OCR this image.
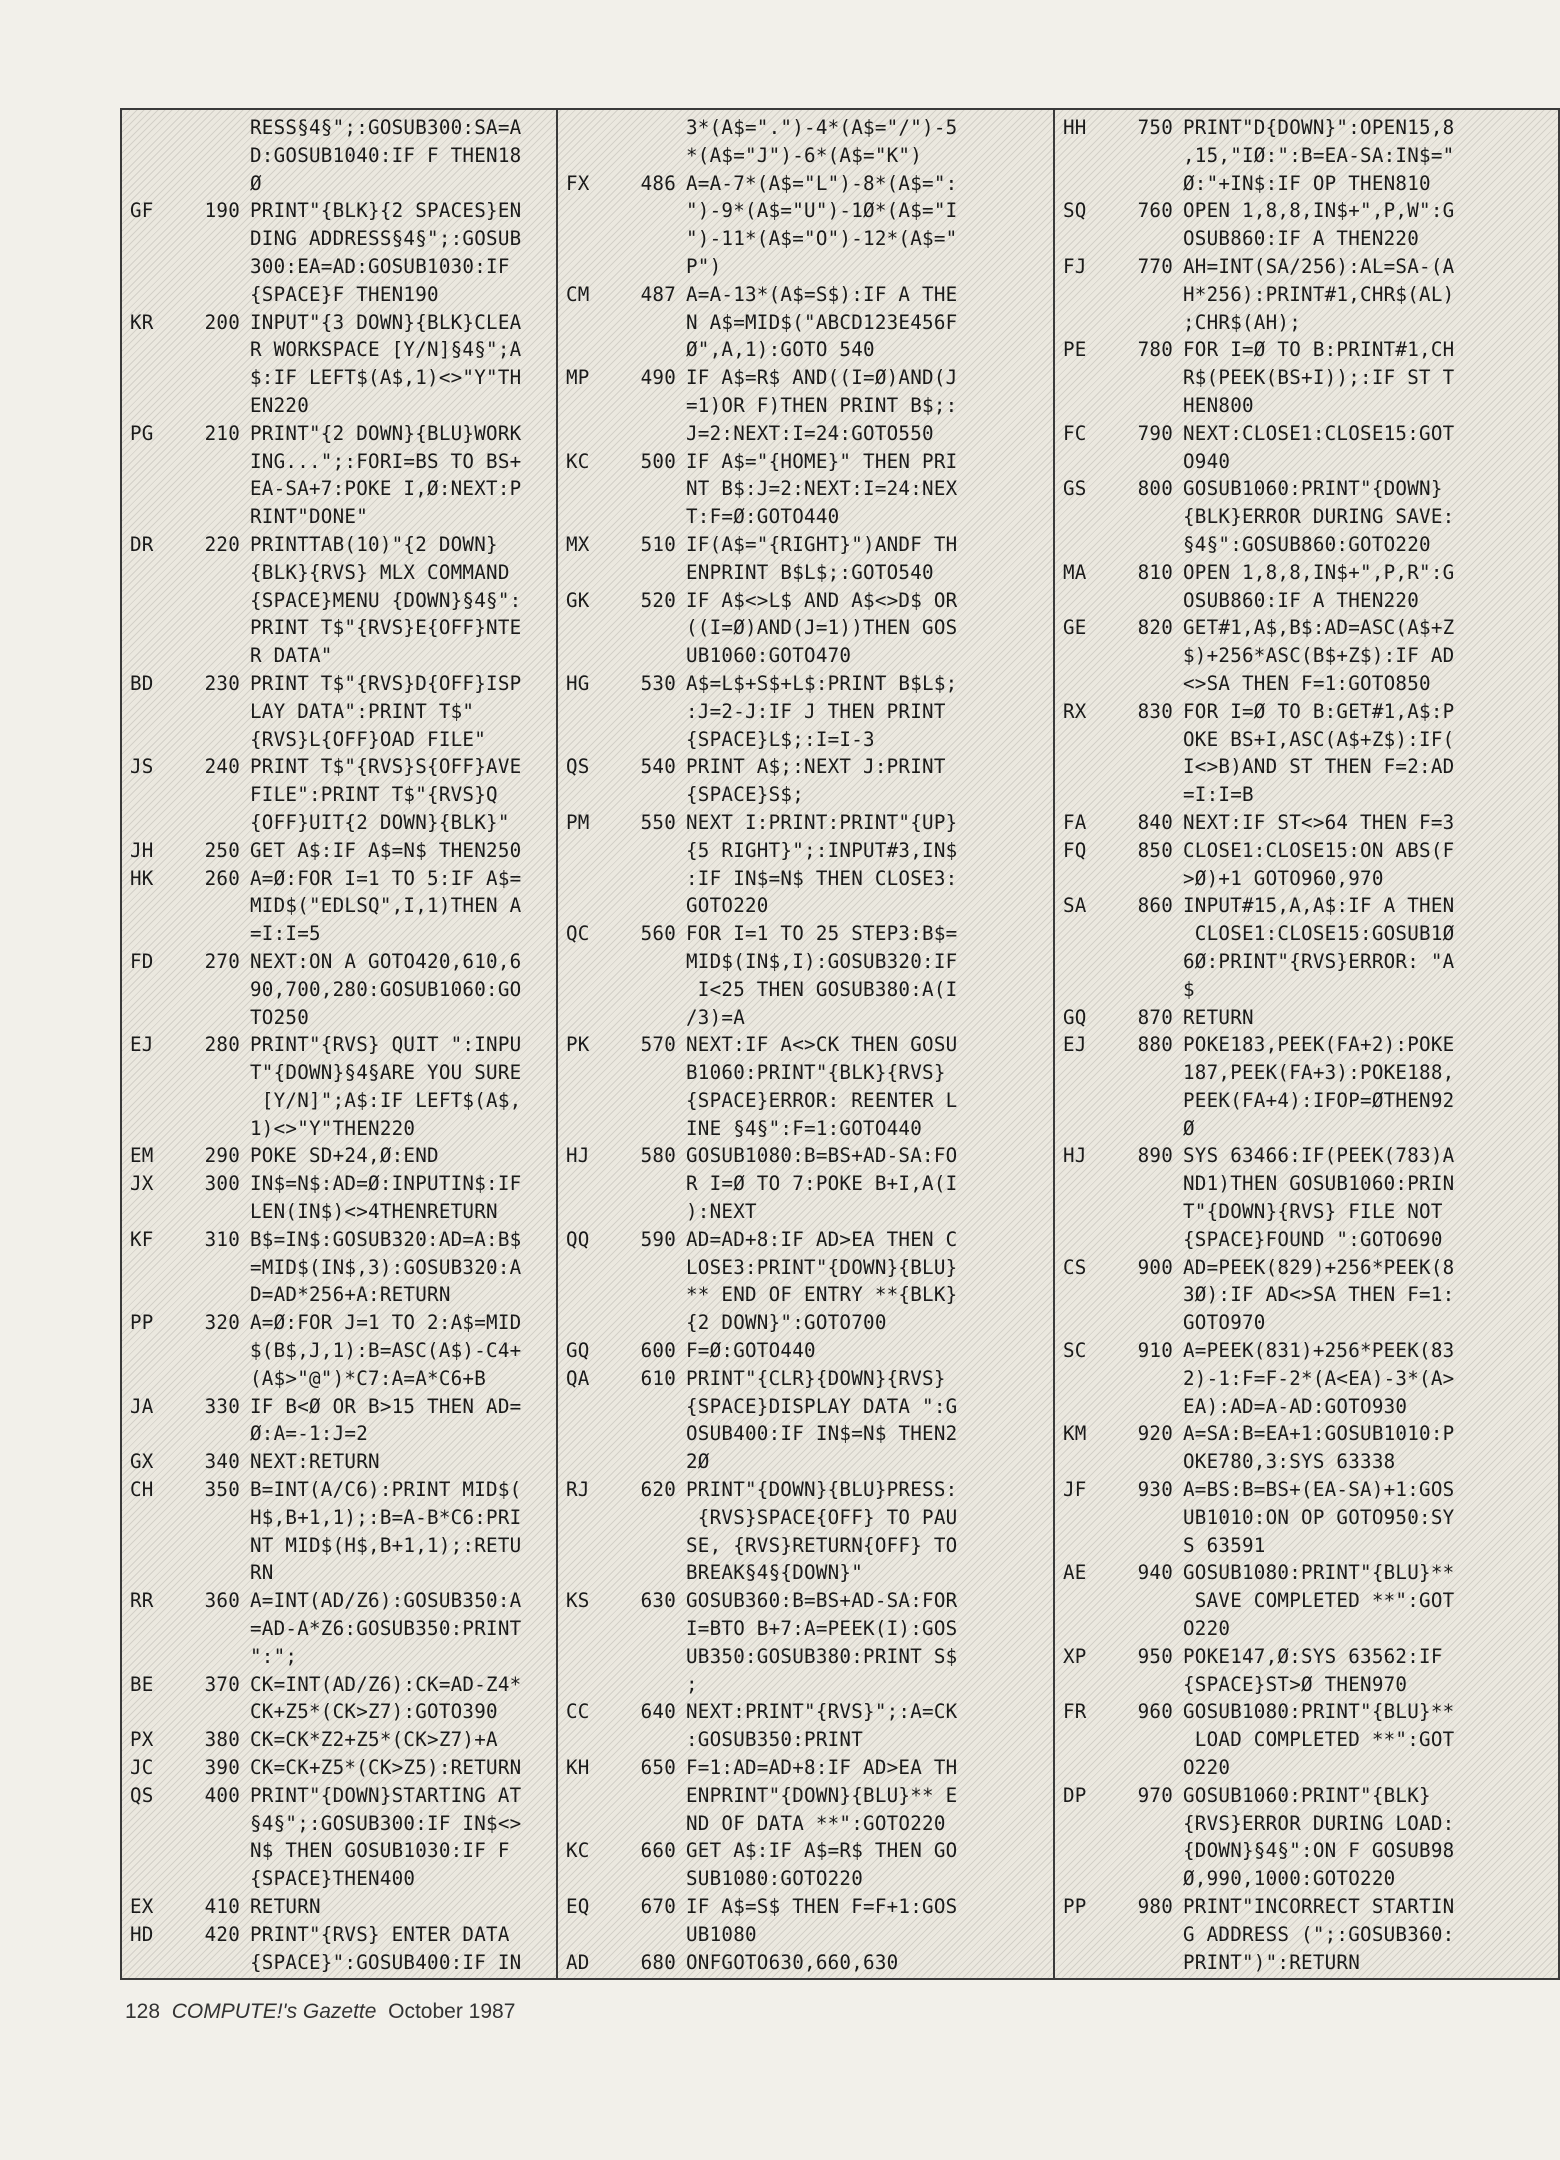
RESS§4§";:GOSUB300:SA=A
D:GOSUB1040:IF F THEN18
Ø
GF	190 PRINT"{BLK}{2 SPACES}EN
DING ADDRESS§4§";:GOSUB
300:EA=AD:GOSUB1030:IF
{SPACE}F THEN190
KR	200 INPUT"{3 DOWN}{BLK}CLEA
R WORKSPACE [Y/N]§4§";A
$:IF LEFT$(A$,1)<>"Y"TH
EN220
PG	210 PRINT"{2 DOWN}{BLU}WORK
ING...";:FORI=BS TO BS+
EA-SA+7:POKE I,Ø:NEXT:P
RINT"DONE"
DR	220 PRINTTAB(10)"{2 DOWN}
{BLK}{RVS} MLX COMMAND
{SPACE}MENU {DOWN}§4§":
PRINT T$"{RVS}E{OFF}NTE
R DATA"
BD	230 PRINT T$"{RVS}D{OFF}ISP
LAY DATA":PRINT T$"
{RVS}L{OFF}OAD FILE"
JS	240 PRINT T$"{RVS}S{OFF}AVE
FILE":PRINT T$"{RVS}Q
{OFF}UIT{2 DOWN}{BLK}"
JH	250 GET A$:IF A$=N$ THEN250
HK	260 A=Ø:FOR I=1 TO 5:IF A$=
MID$("EDLSQ",I,1)THEN A
=I:I=5
FD	270 NEXT:ON A GOTO420,610,6
90,700,280:GOSUB1060:GO
TO250
EJ	280 PRINT"{RVS} QUIT ":INPU
T"{DOWN}§4§ARE YOU SURE
[Y/N]";A$:IF LEFT$(A$,
1)<>"Y"THEN220
EM	290 POKE SD+24,Ø:END
JX	300 IN$=N$:AD=Ø:INPUTIN$:IF
LEN(IN$)<>4THENRETURN
KF	310 B$=IN$:GOSUB320:AD=A:B$
=MID$(IN$,3):GOSUB320:A
D=AD*256+A:RETURN
PP	320 A=Ø:FOR J=1 TO 2:A$=MID
$(B$,J,1):B=ASC(A$)-C4+
(A$>"@")*C7:A=A*C6+B
JA	330 IF B<Ø OR B>15 THEN AD=
Ø:A=-1:J=2
GX	340 NEXT:RETURN
CH	350 B=INT(A/C6):PRINT MID$(
H$,B+1,1);:B=A-B*C6:PRI
NT MID$(H$,B+1,1);:RETU
RN
RR	360 A=INT(AD/Z6):GOSUB350:A
=AD-A*Z6:GOSUB350:PRINT
":";
BE	370 CK=INT(AD/Z6):CK=AD-Z4*
CK+Z5*(CK>Z7):GOTO390
PX	380 CK=CK*Z2+Z5*(CK>Z7)+A
JC	390 CK=CK+Z5*(CK>Z5):RETURN
QS	400 PRINT"{DOWN}STARTING AT
§4§";:GOSUB300:IF IN$<>
N$ THEN GOSUB1030:IF F
{SPACE}THEN400
EX	410 RETURN
HD	420 PRINT"{RVS} ENTER DATA
{SPACE}":GOSUB400:IF IN
3*(A$=".")-4*(A$="/")-5
*(A$="J")-6*(A$="K")
FX	486 A=A-7*(A$="L")-8*(A$=":
")-9*(A$="U")-1Ø*(A$="I
")-11*(A$="O")-12*(A$="
P")
CM	487 A=A-13*(A$=S$):IF A THE
N A$=MID$("ABCD123E456F
Ø",A,1):GOTO 540
MP	490 IF A$=R$ AND((I=Ø)AND(J
=1)OR F)THEN PRINT B$;:
J=2:NEXT:I=24:GOTO550
KC	500 IF A$="{HOME}" THEN PRI
NT B$:J=2:NEXT:I=24:NEX
T:F=Ø:GOTO440
MX	510 IF(A$="{RIGHT}")ANDF TH
ENPRINT B$L$;:GOTO540
GK	520 IF A$<>L$ AND A$<>D$ OR
((I=Ø)AND(J=1))THEN GOS
UB1060:GOTO470
HG	530 A$=L$+S$+L$:PRINT B$L$;
:J=2-J:IF J THEN PRINT
{SPACE}L$;:I=I-3
QS	540 PRINT A$;:NEXT J:PRINT
{SPACE}S$;
PM	550 NEXT I:PRINT:PRINT"{UP}
{5 RIGHT}";:INPUT#3,IN$
:IF IN$=N$ THEN CLOSE3:
GOTO220
QC	560 FOR I=1 TO 25 STEP3:B$=
MID$(IN$,I):GOSUB320:IF
I<25 THEN GOSUB380:A(I
/3)=A
PK	570 NEXT:IF A<>CK THEN GOSU
B1060:PRINT"{BLK}{RVS}
{SPACE}ERROR: REENTER L
INE §4§":F=1:GOTO440
HJ	580 GOSUB1080:B=BS+AD-SA:FO
R I=Ø TO 7:POKE B+I,A(I
):NEXT
QQ	590 AD=AD+8:IF AD>EA THEN C
LOSE3:PRINT"{DOWN}{BLU}
** END OF ENTRY **{BLK}
{2 DOWN}":GOTO700
GQ	600 F=Ø:GOTO440
QA	610 PRINT"{CLR}{DOWN}{RVS}
{SPACE}DISPLAY DATA ":G
OSUB400:IF IN$=N$ THEN2
2Ø
RJ	620 PRINT"{DOWN}{BLU}PRESS:
{RVS}SPACE{OFF} TO PAU
SE, {RVS}RETURN{OFF} TO
BREAK§4§{DOWN}"
KS	630 GOSUB360:B=BS+AD-SA:FOR
I=BTO B+7:A=PEEK(I):GOS
UB350:GOSUB380:PRINT S$
;
CC	640 NEXT:PRINT"{RVS}";:A=CK
:GOSUB350:PRINT
KH	650 F=1:AD=AD+8:IF AD>EA TH
ENPRINT"{DOWN}{BLU}** E
ND OF DATA **":GOTO220
KC	660 GET A$:IF A$=R$ THEN GO
SUB1080:GOTO220
EQ	670 IF A$=S$ THEN F=F+1:GOS
UB1080
AD	680 ONFGOTO630,660,630
HH	750 PRINT"D{DOWN}":OPEN15,8
,15,"IØ:":B=EA-SA:IN$="
Ø:"+IN$:IF OP THEN810
SQ	760 OPEN 1,8,8,IN$+",P,W":G
OSUB860:IF A THEN220
FJ	770 AH=INT(SA/256):AL=SA-(A
H*256):PRINT#1,CHR$(AL)
;CHR$(AH);
PE	780 FOR I=Ø TO B:PRINT#1,CH
R$(PEEK(BS+I));:IF ST T
HEN800
FC	790 NEXT:CLOSE1:CLOSE15:GOT
O940
GS	800 GOSUB1060:PRINT"{DOWN}
{BLK}ERROR DURING SAVE:
§4§":GOSUB860:GOTO220
MA	810 OPEN 1,8,8,IN$+",P,R":G
OSUB860:IF A THEN220
GE	820 GET#1,A$,B$:AD=ASC(A$+Z
$)+256*ASC(B$+Z$):IF AD
<>SA THEN F=1:GOTO850
RX	830 FOR I=Ø TO B:GET#1,A$:P
OKE BS+I,ASC(A$+Z$):IF(
I<>B)AND ST THEN F=2:AD
=I:I=B
FA	840 NEXT:IF ST<>64 THEN F=3
FQ	850 CLOSE1:CLOSE15:ON ABS(F
>Ø)+1 GOTO960,970
SA	860 INPUT#15,A,A$:IF A THEN
CLOSE1:CLOSE15:GOSUB1Ø
6Ø:PRINT"{RVS}ERROR: "A
$
GQ	870 RETURN
EJ	880 POKE183,PEEK(FA+2):POKE
187,PEEK(FA+3):POKE188,
PEEK(FA+4):IFOP=ØTHEN92
Ø
HJ	890 SYS 63466:IF(PEEK(783)A
ND1)THEN GOSUB1060:PRIN
T"{DOWN}{RVS} FILE NOT
{SPACE}FOUND ":GOTO690
CS	900 AD=PEEK(829)+256*PEEK(8
3Ø):IF AD<>SA THEN F=1:
GOTO970
SC	910 A=PEEK(831)+256*PEEK(83
2)-1:F=F-2*(A<EA)-3*(A>
EA):AD=A-AD:GOTO930
KM	920 A=SA:B=EA+1:GOSUB1010:P
OKE780,3:SYS 63338
JF	930 A=BS:B=BS+(EA-SA)+1:GOS
UB1010:ON OP GOTO950:SY
S 63591
AE	940 GOSUB1080:PRINT"{BLU}**
SAVE COMPLETED **":GOT
O220
XP	950 POKE147,Ø:SYS 63562:IF
{SPACE}ST>Ø THEN970
FR	960 GOSUB1080:PRINT"{BLU}**
LOAD COMPLETED **":GOT
O220
DP	970 GOSUB1060:PRINT"{BLK}
{RVS}ERROR DURING LOAD:
{DOWN}§4§":ON F GOSUB98
Ø,990,1000:GOTO220
PP	980 PRINT"INCORRECT STARTIN
G ADDRESS (";:GOSUB360:
PRINT")":RETURN
128 COMPUTE!'s Gazette October 1987
